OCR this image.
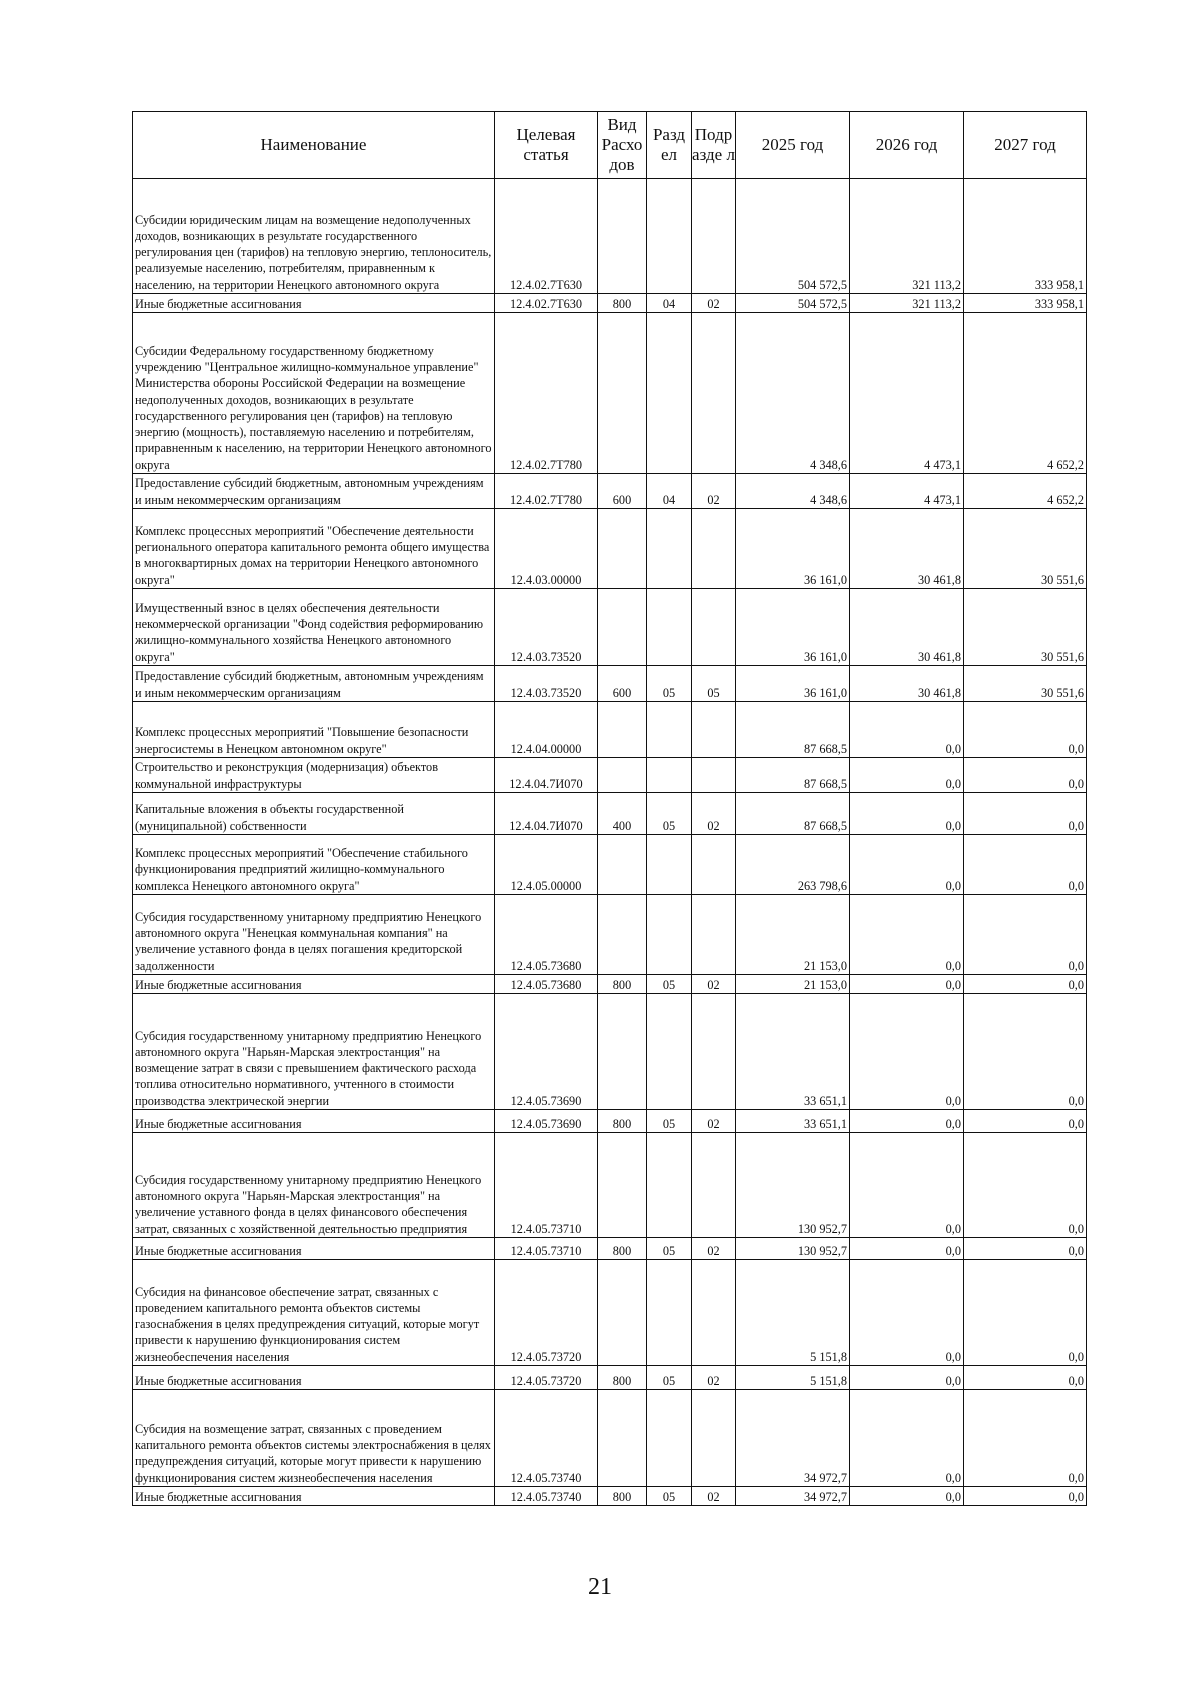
Наименование	Целевая статья	Вид Расхо дов	Разд ел	Подр азде л	2025 год	2026 год	2027 год
Субсидии юридическим лицам на возмещение недополученных доходов, возникающих в результате государственного регулирования цен (тарифов) на тепловую энергию, теплоноситель, реализуемые населению, потребителям, приравненным к населению, на территории Ненецкого автономного округа	12.4.02.7Т630				504 572,5	321 113,2	333 958,1
Иные бюджетные ассигнования	12.4.02.7Т630	800	04	02	504 572,5	321 113,2	333 958,1
Субсидии Федеральному государственному бюджетному учреждению "Центральное жилищно-коммунальное управление" Министерства обороны Российской Федерации на возмещение недополученных доходов, возникающих в результате государственного регулирования цен (тарифов) на тепловую энергию (мощность), поставляемую населению и потребителям, приравненным к населению, на территории Ненецкого автономного округа	12.4.02.7Т780				4 348,6	4 473,1	4 652,2
Предоставление субсидий бюджетным, автономным учреждениям и иным некоммерческим организациям	12.4.02.7Т780	600	04	02	4 348,6	4 473,1	4 652,2
Комплекс процессных мероприятий "Обеспечение деятельности регионального оператора капитального ремонта общего имущества в многоквартирных домах на территории Ненецкого автономного округа"	12.4.03.00000				36 161,0	30 461,8	30 551,6
Имущественный взнос в целях обеспечения деятельности некоммерческой организации "Фонд содействия реформированию жилищно-коммунального хозяйства Ненецкого автономного округа"	12.4.03.73520				36 161,0	30 461,8	30 551,6
Предоставление субсидий бюджетным, автономным учреждениям и иным некоммерческим организациям	12.4.03.73520	600	05	05	36 161,0	30 461,8	30 551,6
Комплекс процессных мероприятий "Повышение безопасности энергосистемы в Ненецком автономном округе"	12.4.04.00000				87 668,5	0,0	0,0
Строительство и реконструкция (модернизация) объектов коммунальной инфраструктуры	12.4.04.7И070				87 668,5	0,0	0,0
Капитальные вложения в объекты государственной (муниципальной) собственности	12.4.04.7И070	400	05	02	87 668,5	0,0	0,0
Комплекс процессных мероприятий "Обеспечение стабильного функционирования предприятий жилищно-коммунального комплекса Ненецкого автономного округа"	12.4.05.00000				263 798,6	0,0	0,0
Субсидия государственному унитарному предприятию Ненецкого автономного округа "Ненецкая коммунальная компания" на увеличение уставного фонда в целях погашения кредиторской задолженности	12.4.05.73680				21 153,0	0,0	0,0
Иные бюджетные ассигнования	12.4.05.73680	800	05	02	21 153,0	0,0	0,0
Субсидия государственному унитарному предприятию Ненецкого автономного округа "Нарьян-Марская электростанция" на возмещение затрат в связи с превышением фактического расхода топлива относительно нормативного, учтенного в стоимости производства электрической энергии	12.4.05.73690				33 651,1	0,0	0,0
Иные бюджетные ассигнования	12.4.05.73690	800	05	02	33 651,1	0,0	0,0
Субсидия государственному унитарному предприятию Ненецкого автономного округа "Нарьян-Марская электростанция" на увеличение уставного фонда в целях финансового обеспечения затрат, связанных с хозяйственной деятельностью предприятия	12.4.05.73710				130 952,7	0,0	0,0
Иные бюджетные ассигнования	12.4.05.73710	800	05	02	130 952,7	0,0	0,0
Субсидия на финансовое обеспечение затрат, связанных с проведением капитального ремонта объектов системы газоснабжения в целях предупреждения ситуаций, которые могут привести к нарушению функционирования систем жизнеобеспечения населения	12.4.05.73720				5 151,8	0,0	0,0
Иные бюджетные ассигнования	12.4.05.73720	800	05	02	5 151,8	0,0	0,0
Субсидия на возмещение затрат, связанных с проведением капитального ремонта объектов системы электроснабжения в целях предупреждения ситуаций, которые могут привести к нарушению функционирования систем жизнеобеспечения населения	12.4.05.73740				34 972,7	0,0	0,0
Иные бюджетные ассигнования	12.4.05.73740	800	05	02	34 972,7	0,0	0,0
21
